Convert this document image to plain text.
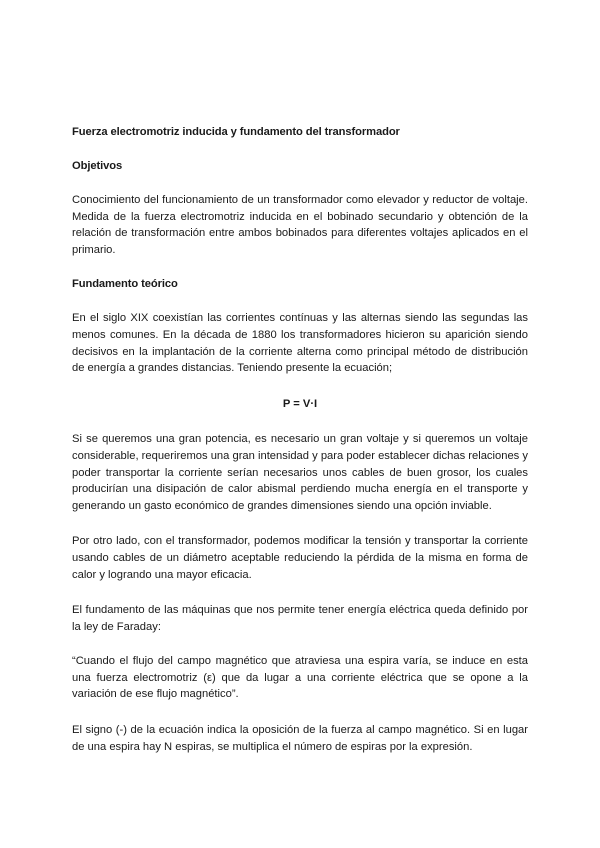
Fuerza electromotriz inducida y fundamento del transformador
Objetivos

Conocimiento del funcionamiento de un transformador como elevador y reductor de voltaje. Medida de la fuerza electromotriz inducida en el bobinado secundario y obtención de la relación de transformación entre ambos bobinados para diferentes voltajes aplicados en el primario.

Fundamento teórico

En el siglo XIX coexistían las corrientes contínuas y las alternas siendo las segundas las menos comunes. En la década de 1880 los transformadores hicieron su aparición siendo decisivos en la implantación de la corriente alterna como principal método de distribución de energía a grandes distancias. Teniendo presente la ecuación;

P = V·I

Si se queremos una gran potencia, es necesario un gran voltaje y si queremos un voltaje considerable, requeriremos una gran intensidad y para poder establecer dichas relaciones y poder transportar la corriente serían necesarios unos cables de buen grosor, los cuales producirían una disipación de calor abismal perdiendo mucha energía en el transporte y generando un gasto económico de grandes dimensiones siendo una opción inviable.

Por otro lado, con el transformador, podemos modificar la tensión y transportar la corriente usando cables de un diámetro aceptable reduciendo la pérdida de la misma en forma de calor y logrando una mayor eficacia.

El fundamento de las máquinas que nos permite tener energía eléctrica queda definido por la ley de Faraday:

“Cuando el flujo del campo magnético que atraviesa una espira varía, se induce en esta una fuerza electromotriz (ε) que da lugar a una corriente eléctrica que se opone a la variación de ese flujo magnético”.

El signo (-) de la ecuación indica la oposición de la fuerza al campo magnético. Si en lugar de una espira hay N espiras, se multiplica el número de espiras por la expresión.
